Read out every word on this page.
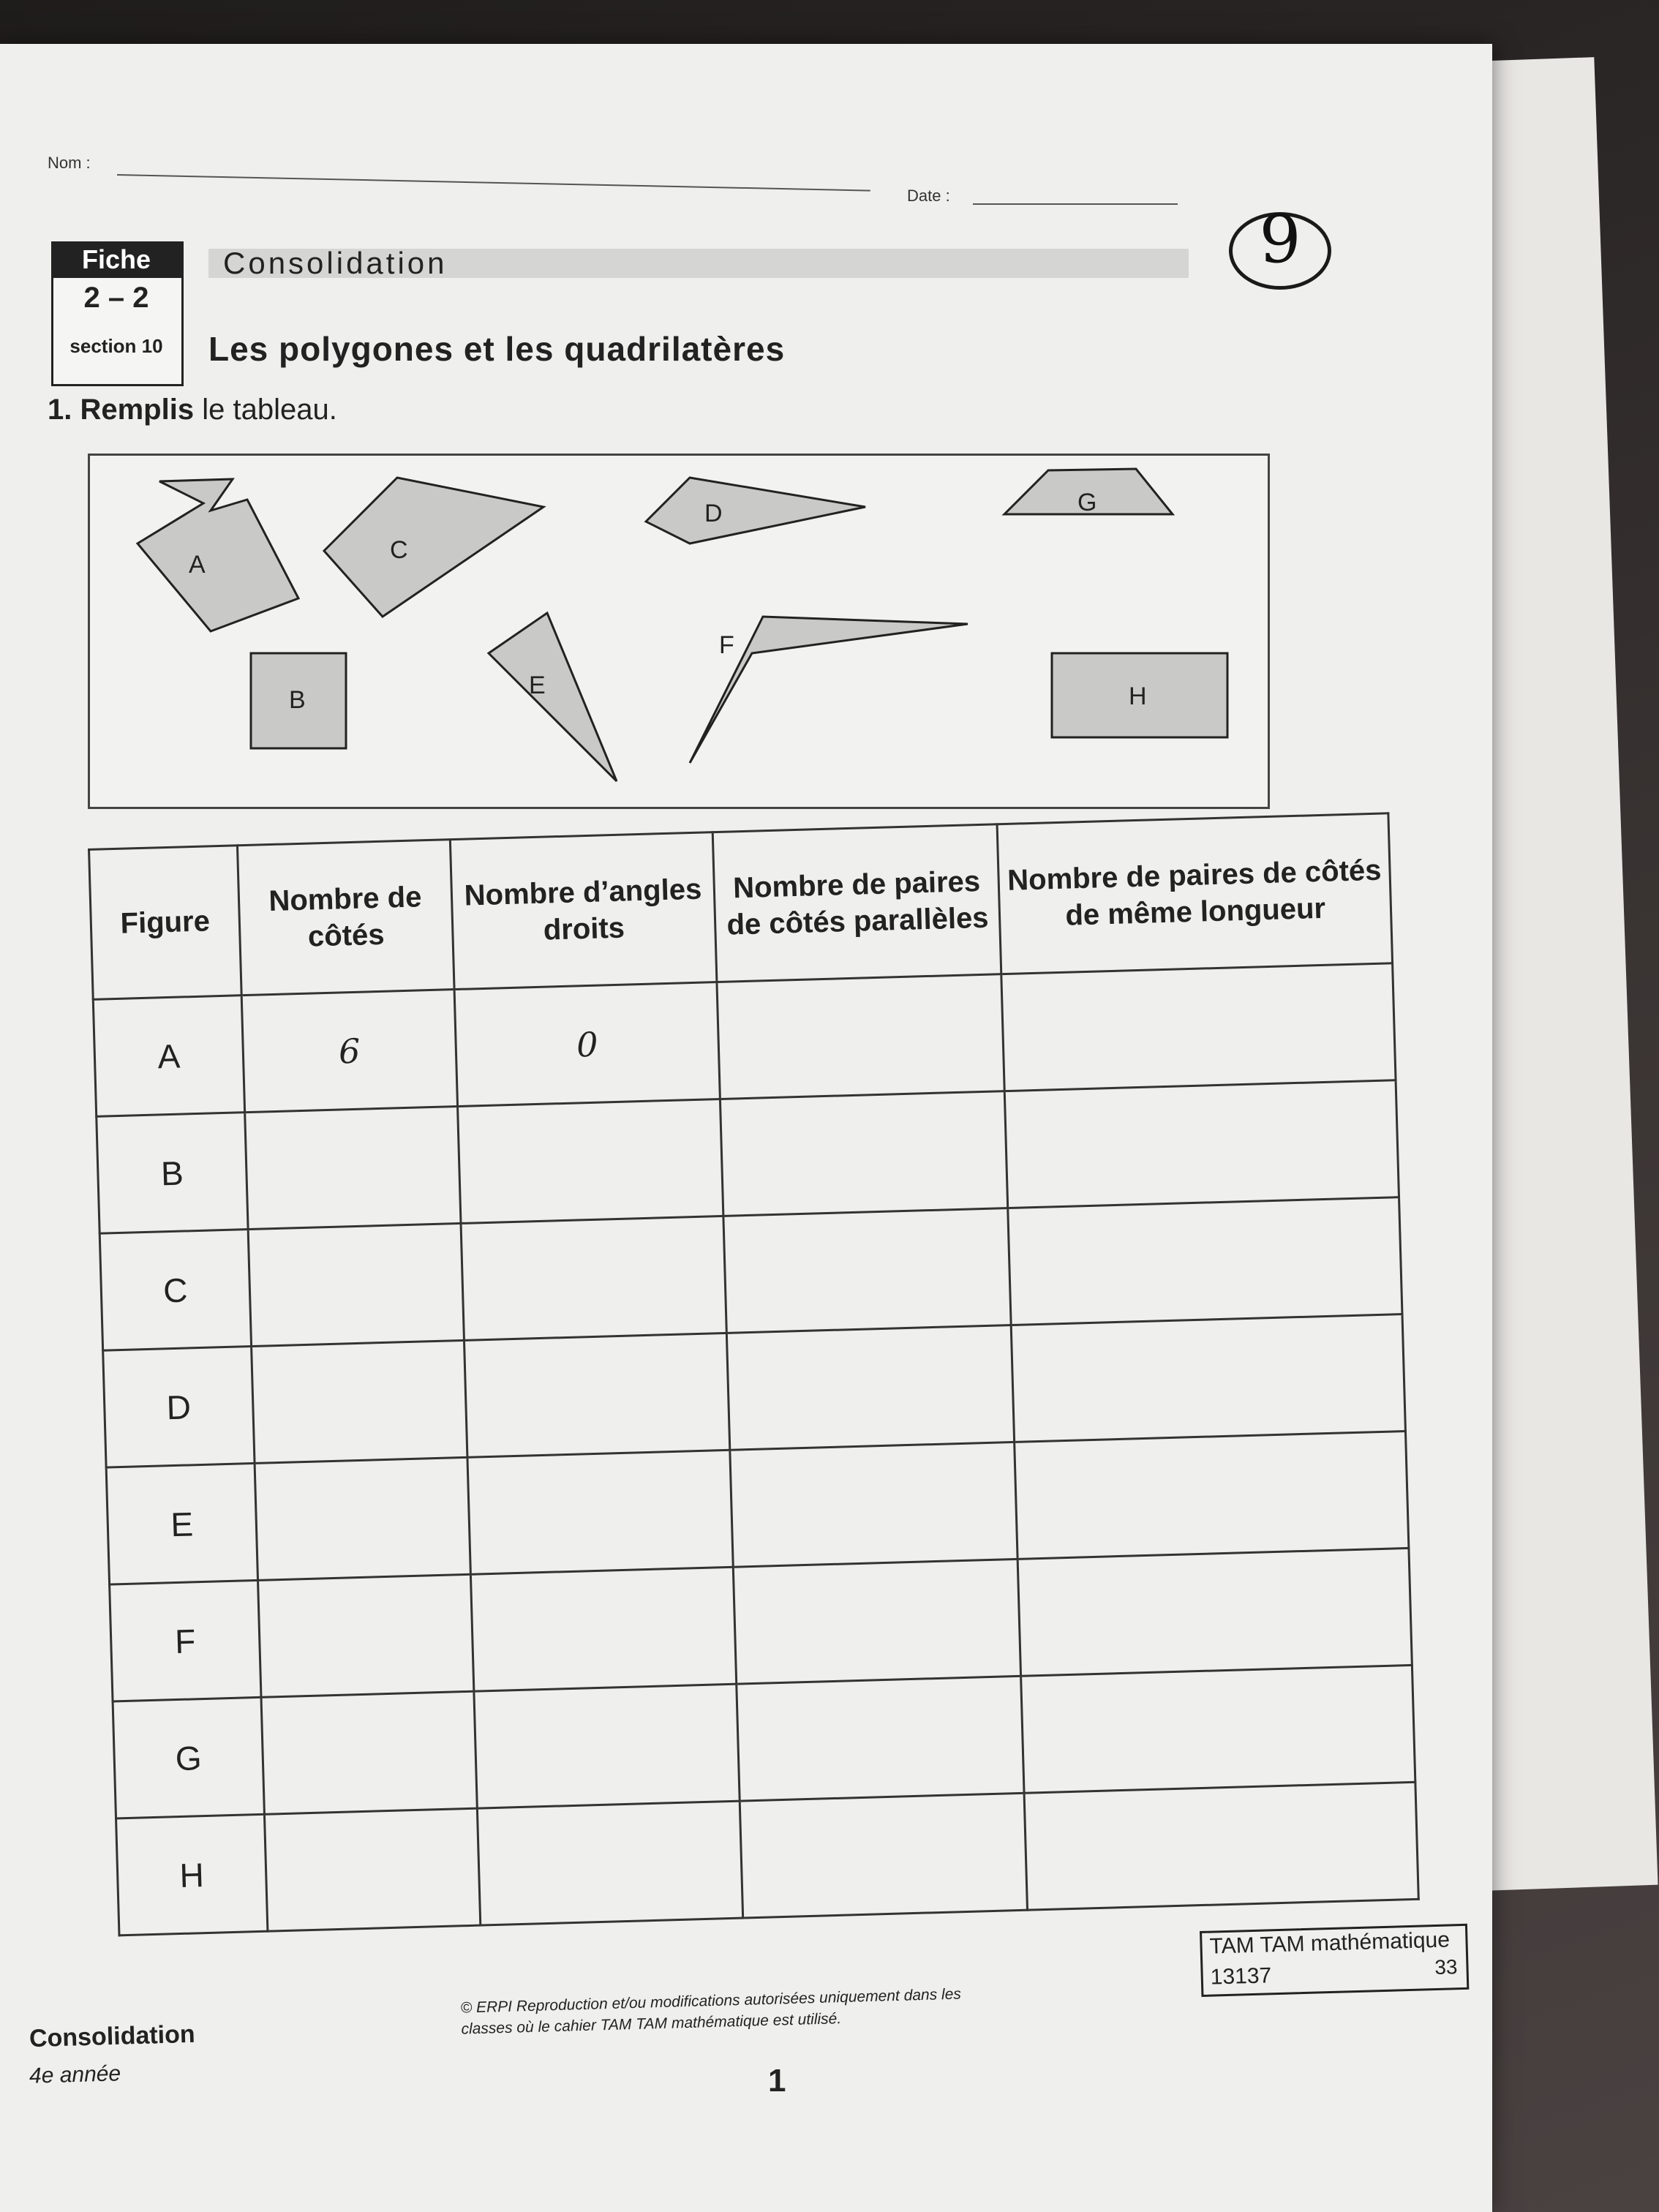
Nom :
Date :
Fiche
2 – 2
section 10
Consolidation
Les polygones et les quadrilatères
9
1. Remplis le tableau.
A
C
D	G
B
E
F
H
Figure	Nombre de côtés	Nombre d’angles droits	Nombre de paires de côtés parallèles	Nombre de paires de côtés de même longueur
A	6	0		
B				
C				
D				
E				
F				
G				
H				
Consolidation
4e année
© ERPI Reproduction et/ou modifications autorisées uniquement dans les classes où le cahier TAM TAM mathématique est utilisé.
1
TAM TAM mathématique
13137	33
